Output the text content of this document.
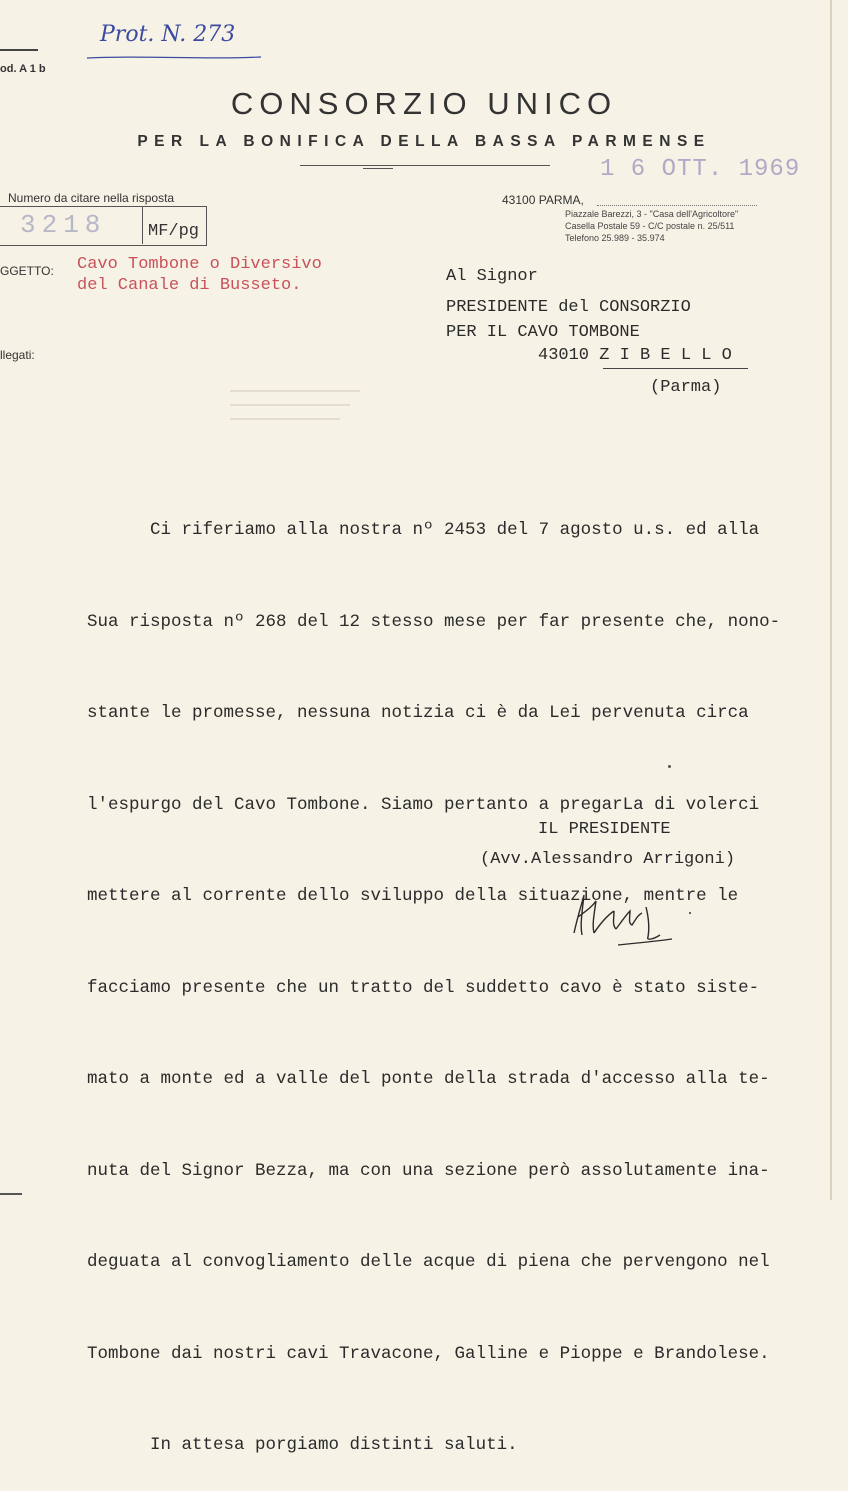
Prot. N. 273
od. A 1 b
CONSORZIO UNICO
PER LA BONIFICA DELLA BASSA PARMENSE
1 6 OTT. 1969
Numero da citare nella risposta
3218 MF/pg
43100 PARMA,
Piazzale Barezzi, 3 - "Casa dell'Agricoltore"
Casella Postale 59 - C/C postale n. 25/511
Telefono 25.989 - 35.974
GGETTO: Cavo Tombone o Diversivo
del Canale di Busseto.
llegati:
Al Signor
PRESIDENTE del CONSORZIO
PER IL CAVO TOMBONE
43010 Z I B E L L O
(Parma)

Ci riferiamo alla nostra nº 2453 del 7 agosto u.s. ed alla

Sua risposta nº 268 del 12 stesso mese per far presente che, nono-

stante le promesse, nessuna notizia ci è da Lei pervenuta circa

l'espurgo del Cavo Tombone. Siamo pertanto a pregarLa di volerci

mettere al corrente dello sviluppo della situazione, mentre le

facciamo presente che un tratto del suddetto cavo è stato siste-

mato a monte ed a valle del ponte della strada d'accesso alla te-

nuta del Signor Bezza, ma con una sezione però assolutamente ina-

deguata al convogliamento delle acque di piena che pervengono nel

Tombone dai nostri cavi Travacone, Galline e Pioppe e Brandolese.

In attesa porgiamo distinti saluti.

IL PRESIDENTE
(Avv.Alessandro Arrigoni)
